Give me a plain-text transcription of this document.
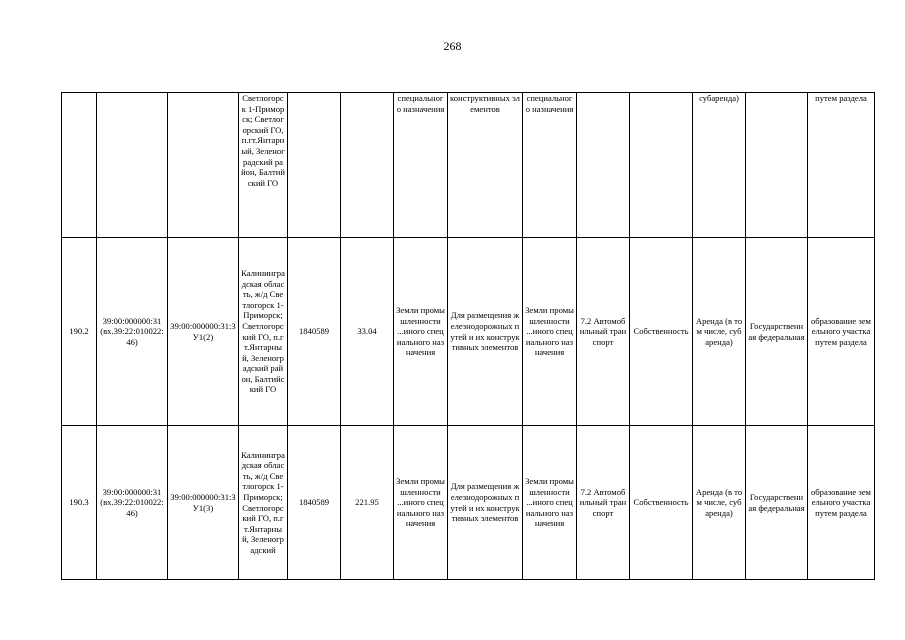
268
			Светлогорск 1-Приморск; Светлогорский ГО, п.гт.Янтарный, Зеленоградский район, Балтийский ГО			специального назначения	конструктивных элементов	специального назначения			субаренда)		путем раздела
190.2	39:00:000000:31 (вх.39:22:010022:46)	39:00:000000:31:ЗУ1(2)	Калининградская область, ж/д Светлогорск 1-Приморск; Светлогорский ГО, п.гт.Янтарный, Зеленоградский район, Балтийский ГО	1840589	33.04	Земли промышленности ...иного специального назначения	Для размещения железнодорожных путей и их конструктивных элементов	Земли промышленности ...иного специального назначения	7.2 Автомобильный транспорт	Собственность	Аренда (в том числе, субаренда)	Государственная федеральная	образование земельного участка путем раздела
190.3	39:00:000000:31 (вх.39:22:010022:46)	39:00:000000:31:ЗУ1(3)	Калининградская область, ж/д Светлогорск 1-Приморск; Светлогорский ГО, п.гт.Янтарный, Зеленоградский	1840589	221.95	Земли промышленности ...иного специального назначения	Для размещения железнодорожных путей и их конструктивных элементов	Земли промышленности ...иного специального назначения	7.2 Автомобильный транспорт	Собственность	Аренда (в том числе, субаренда)	Государственная федеральная	образование земельного участка путем раздела
